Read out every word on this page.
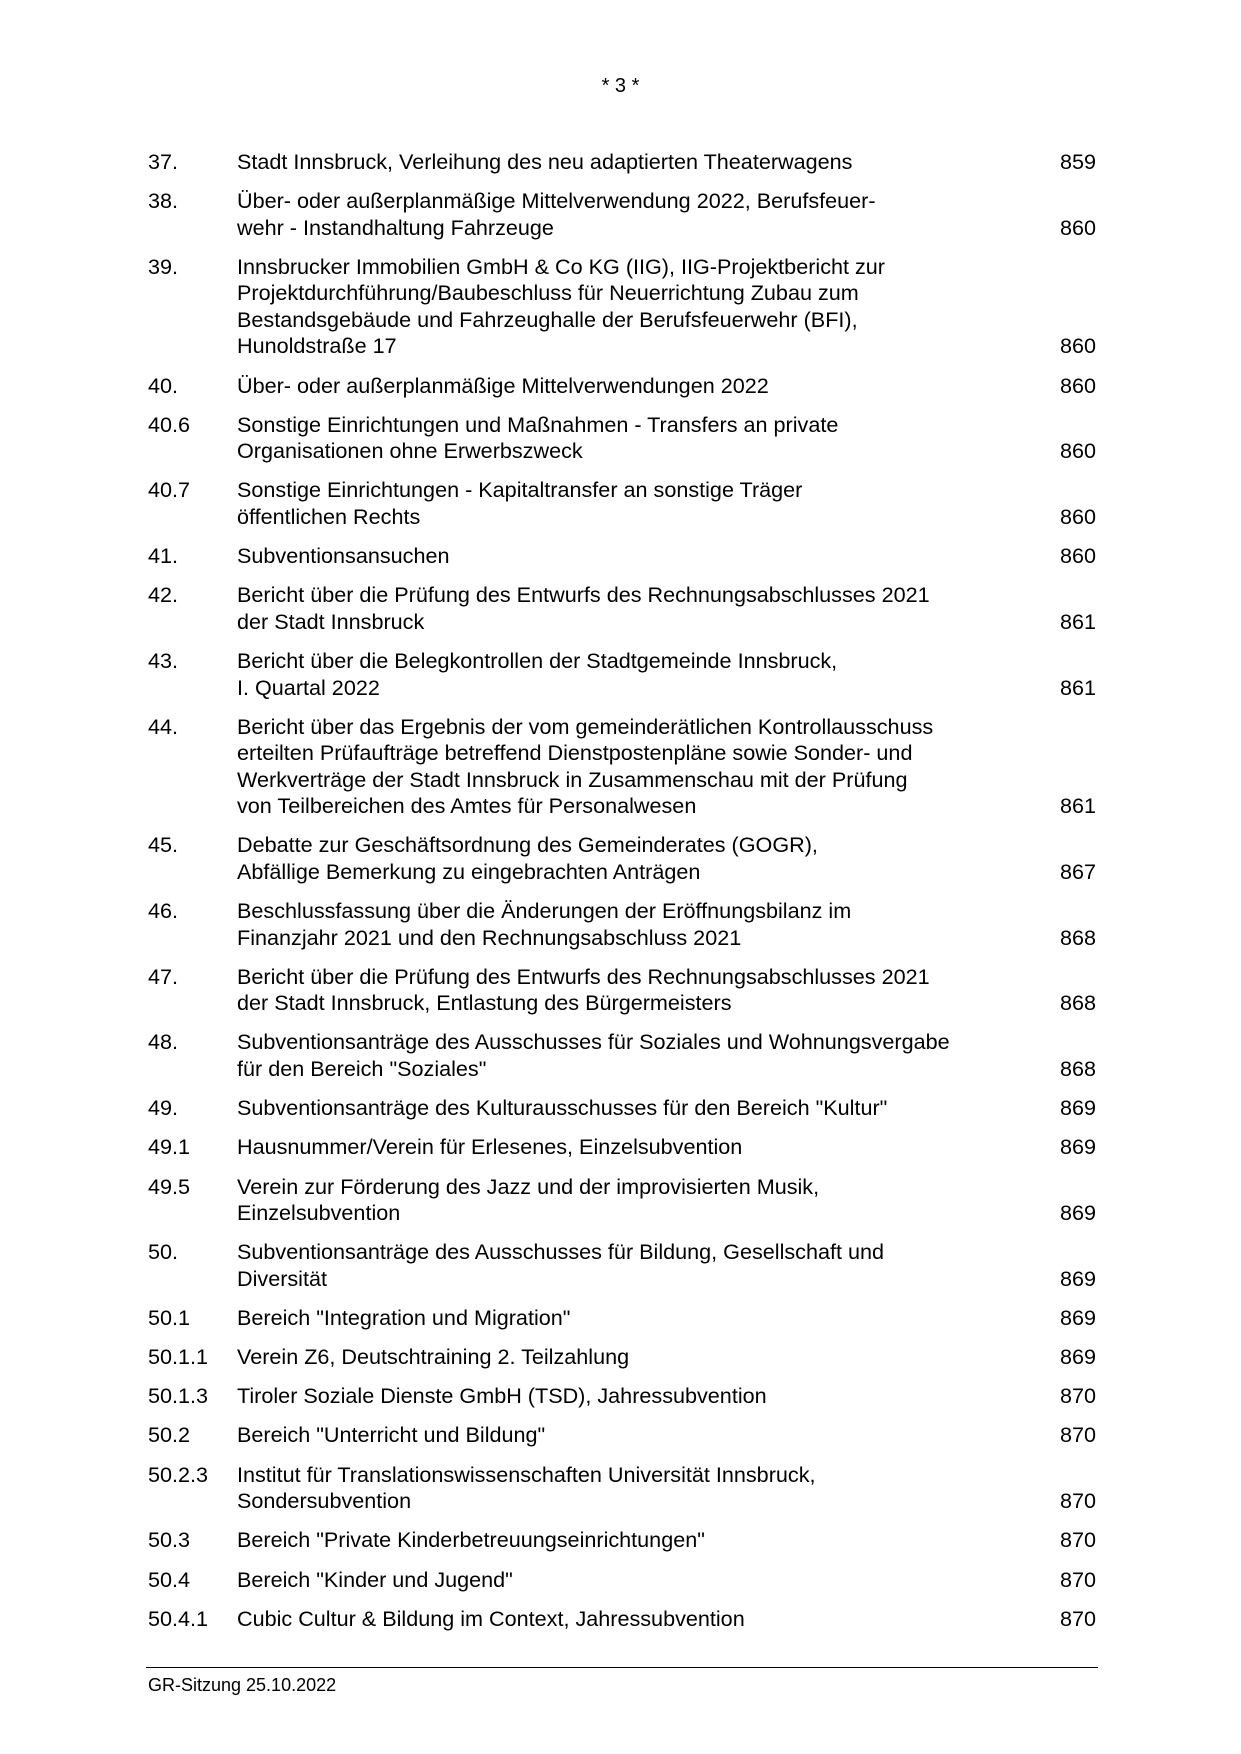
* 3 *
37.	Stadt Innsbruck, Verleihung des neu adaptierten Theaterwagens	859
38.	Über- oder außerplanmäßige Mittelverwendung 2022, Berufsfeuer-
wehr - Instandhaltung Fahrzeuge	860
39.	Innsbrucker Immobilien GmbH & Co KG (IIG), IIG-Projektbericht zur
Projektdurchführung/Baubeschluss für Neuerrichtung Zubau zum
Bestandsgebäude und Fahrzeughalle der Berufsfeuerwehr (BFI),
Hunoldstraße 17	860
40.	Über- oder außerplanmäßige Mittelverwendungen 2022	860
40.6	Sonstige Einrichtungen und Maßnahmen - Transfers an private
Organisationen ohne Erwerbszweck	860
40.7	Sonstige Einrichtungen - Kapitaltransfer an sonstige Träger
öffentlichen Rechts	860
41.	Subventionsansuchen	860
42.	Bericht über die Prüfung des Entwurfs des Rechnungsabschlusses 2021
der Stadt Innsbruck	861
43.	Bericht über die Belegkontrollen der Stadtgemeinde Innsbruck,
I. Quartal 2022	861
44.	Bericht über das Ergebnis der vom gemeinderätlichen Kontrollausschuss
erteilten Prüfaufträge betreffend Dienstpostenpläne sowie Sonder- und
Werkverträge der Stadt Innsbruck in Zusammenschau mit der Prüfung
von Teilbereichen des Amtes für Personalwesen	861
45.	Debatte zur Geschäftsordnung des Gemeinderates (GOGR),
Abfällige Bemerkung zu eingebrachten Anträgen	867
46.	Beschlussfassung über die Änderungen der Eröffnungsbilanz im
Finanzjahr 2021 und den Rechnungsabschluss 2021	868
47.	Bericht über die Prüfung des Entwurfs des Rechnungsabschlusses 2021
der Stadt Innsbruck, Entlastung des Bürgermeisters	868
48.	Subventionsanträge des Ausschusses für Soziales und Wohnungsvergabe
für den Bereich "Soziales"	868
49.	Subventionsanträge des Kulturausschusses für den Bereich "Kultur"	869
49.1	Hausnummer/Verein für Erlesenes, Einzelsubvention	869
49.5	Verein zur Förderung des Jazz und der improvisierten Musik,
Einzelsubvention	869
50.	Subventionsanträge des Ausschusses für Bildung, Gesellschaft und
Diversität	869
50.1	Bereich "Integration und Migration"	869
50.1.1	Verein Z6, Deutschtraining 2. Teilzahlung	869
50.1.3	Tiroler Soziale Dienste GmbH (TSD), Jahressubvention	870
50.2	Bereich "Unterricht und Bildung"	870
50.2.3	Institut für Translationswissenschaften Universität Innsbruck,
Sondersubvention	870
50.3	Bereich "Private Kinderbetreuungseinrichtungen"	870
50.4	Bereich "Kinder und Jugend"	870
50.4.1	Cubic Cultur & Bildung im Context, Jahressubvention	870
GR-Sitzung 25.10.2022
